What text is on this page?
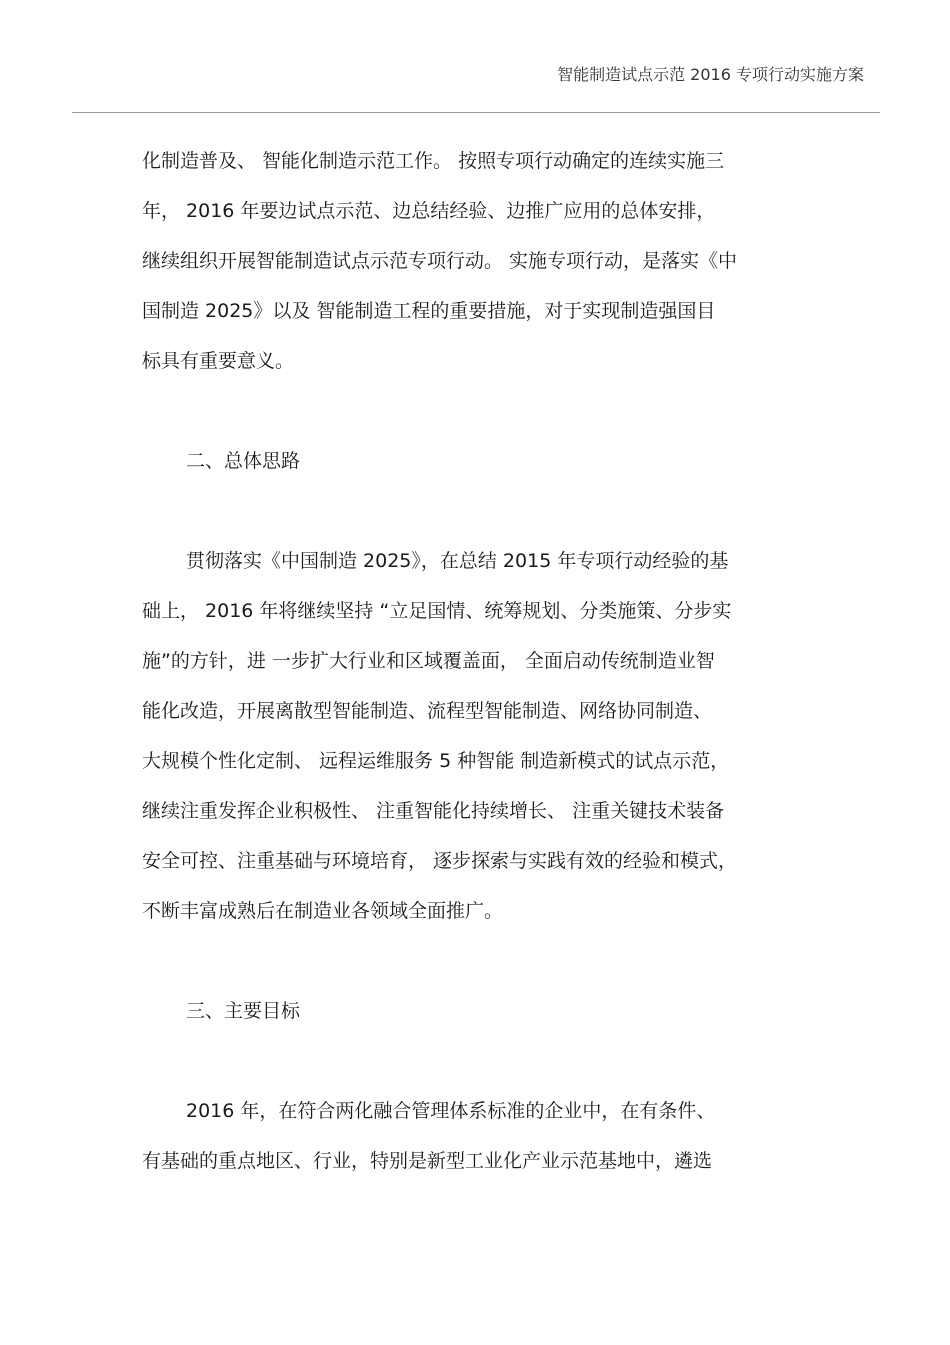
智能制造试点示范 2016 专项行动实施方案
化制造普及、 智能化制造示范工作。 按照专项行动确定的连续实施三
年， 2016 年要边试点示范、边总结经验、边推广应用的总体安排，
继续组织开展智能制造试点示范专项行动。 实施专项行动，是落实《中
国制造 2025》以及 智能制造工程的重要措施，对于实现制造强国目
标具有重要意义。
二、总体思路
贯彻落实《中国制造 2025》，在总结 2015 年专项行动经验的基
础上， 2016 年将继续坚持 “立足国情、统筹规划、分类施策、分步实
施”的方针，进 一步扩大行业和区域覆盖面， 全面启动传统制造业智
能化改造，开展离散型智能制造、流程型智能制造、网络协同制造、
大规模个性化定制、 远程运维服务 5 种智能 制造新模式的试点示范，
继续注重发挥企业积极性、 注重智能化持续增长、 注重关键技术装备
安全可控、注重基础与环境培育， 逐步探索与实践有效的经验和模式，
不断丰富成熟后在制造业各领域全面推广。
三、主要目标
2016 年，在符合两化融合管理体系标准的企业中，在有条件、
有基础的重点地区、行业，特别是新型工业化产业示范基地中，遴选
